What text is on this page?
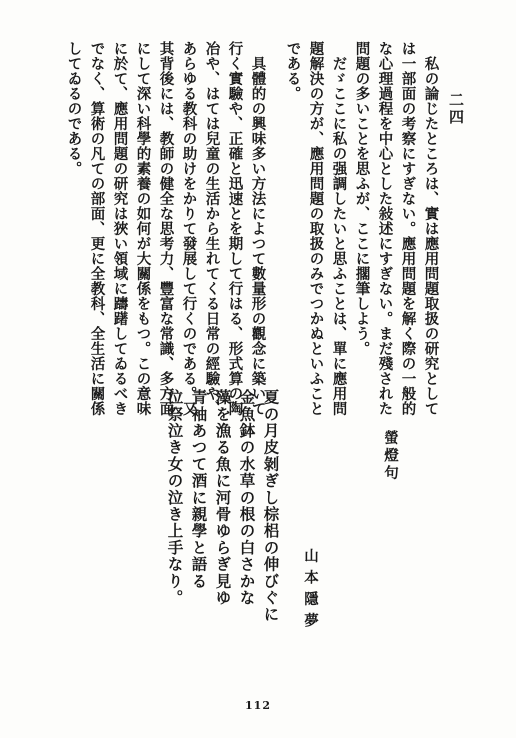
二四
私の論じたところは、實は應用問題取扱の研究として
は一部面の考察にすぎない。應用問題を解く際の一般的
な心理過程を中心とした敍述にすぎない。まだ殘された
問題の多いことを思ふが、ここに擱筆しよう。
だゞここに私の强調したいと思ふことは、單に應用問
題解決の方が、應用問題の取扱のみでつかぬといふこと
である。
具體的の興味多い方法によつて數量形の觀念に築いて
行く實驗や、正確と迅速とを期して行はる、形式算の陶
冶や、はては兒童の生活から生れてくる日常の經驗や、
あらゆる教科の助けをかりて發展して行くのである。又
其背後には、教師の健全な思考力、豐富な常識、多方面
にして深い科學的素養の如何が大關係をもつ。この意味
に於て、應用問題の研究は狹い領域に躊躇してゐるべき
でなく、算術の凡ての部面、更に全教科、全生活に關係
してゐるのである。
螢燈句
夏の月皮剝ぎし棕梠の伸びぐに
金魚鉢の水草の根の白さかな
藻を漁る魚に河骨ゆらぎ見ゆ
青袖あつて酒に親學と語る
泣祭泣き女の泣き上手なり。	山本隱夢
112
